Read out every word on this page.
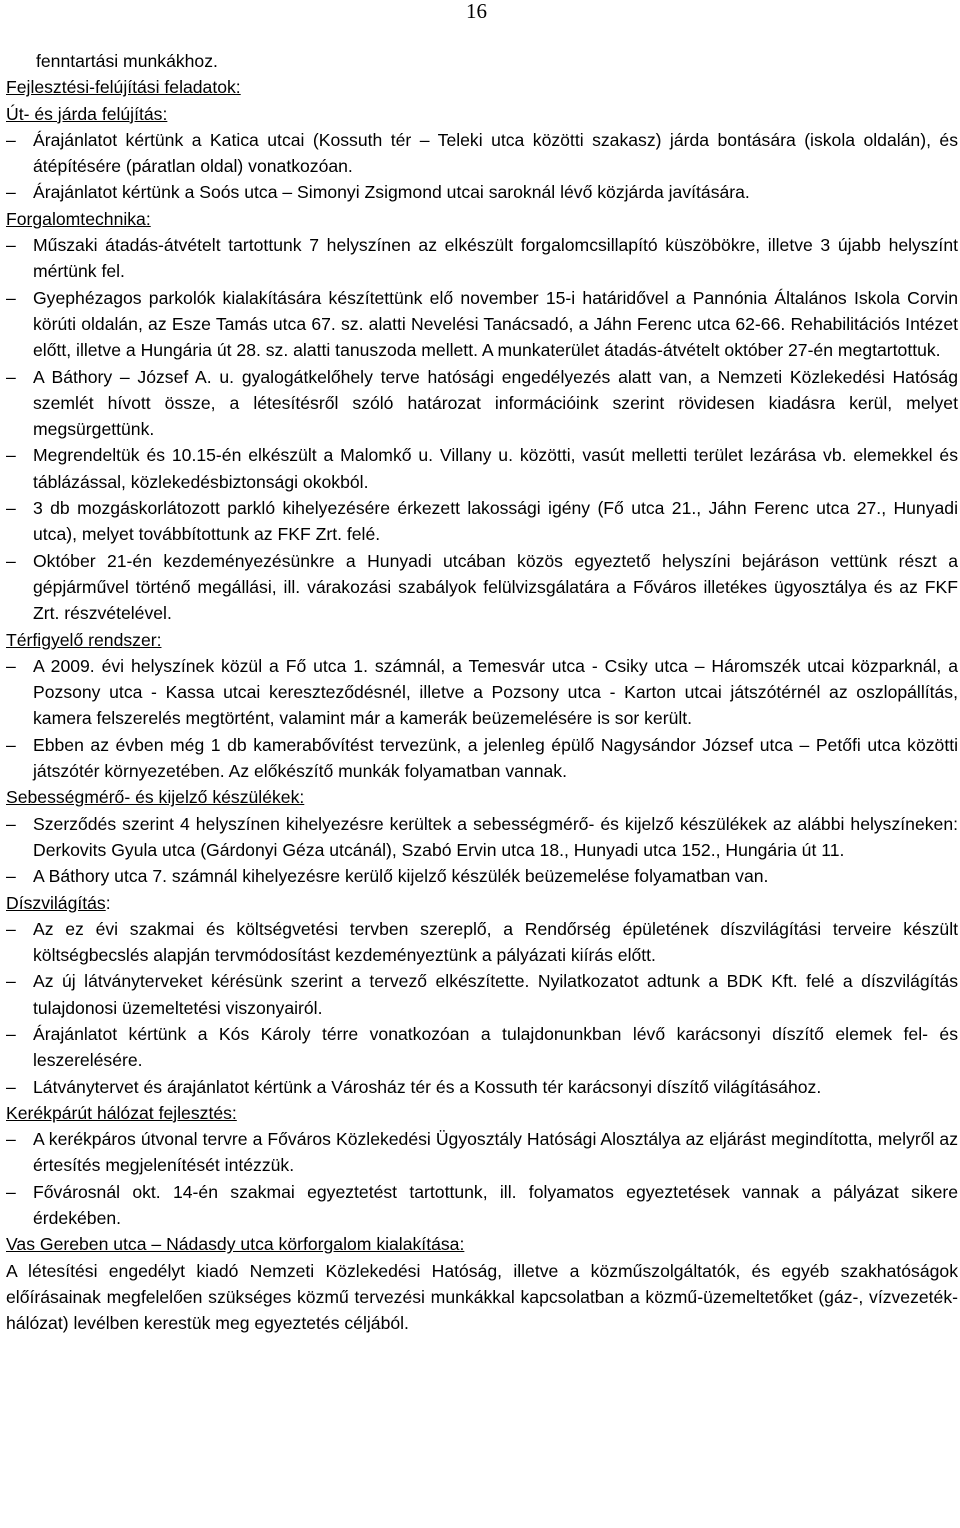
16

fenntartási munkákhoz.

Fejlesztési-felújítási feladatok:

Út- és járda felújítás:

– Árajánlatot kértünk a Katica utcai (Kossuth tér – Teleki utca közötti szakasz) járda bontására (iskola oldalán), és átépítésére (páratlan oldal) vonatkozóan.
– Árajánlatot kértünk a Soós utca – Simonyi Zsigmond utcai saroknál lévő közjárda javítására.

Forgalomtechnika:

– Műszaki átadás-átvételt tartottunk 7 helyszínen az elkészült forgalomcsillapító küszöbökre, illetve 3 újabb helyszínt mértünk fel.
– Gyephézagos parkolók kialakítására készítettünk elő november 15-i határidővel a Pannónia Általános Iskola Corvin körúti oldalán, az Esze Tamás utca 67. sz. alatti Nevelési Tanácsadó, a Jáhn Ferenc utca 62-66. Rehabilitációs Intézet előtt, illetve a Hungária út 28. sz. alatti tanuszoda mellett. A munkaterület átadás-átvételt október 27-én megtartottuk.
– A Báthory – József A. u. gyalogátkelőhely terve hatósági engedélyezés alatt van, a Nemzeti Közlekedési Hatóság szemlét hívott össze, a létesítésről szóló határozat információink szerint rövidesen kiadásra kerül, melyet megsürgettünk.
– Megrendeltük és 10.15-én elkészült a Malomkő u. Villany u. közötti, vasút melletti terület lezárása vb. elemekkel és táblázással, közlekedésbiztonsági okokból.
– 3 db mozgáskorlátozott parkló kihelyezésére érkezett lakossági igény (Fő utca 21., Jáhn Ferenc utca 27., Hunyadi utca), melyet továbbítottunk az FKF Zrt. felé.
– Október 21-én kezdeményezésünkre a Hunyadi utcában közös egyeztető helyszíni bejáráson vettünk részt a gépjárművel történő megállási, ill. várakozási szabályok felülvizsgálatára a Főváros illetékes ügyosztálya és az FKF Zrt. részvételével.

Térfigyelő rendszer:

– A 2009. évi helyszínek közül a Fő utca 1. számnál, a Temesvár utca - Csiky utca – Háromszék utcai közparknál, a Pozsony utca - Kassa utcai kereszteződésnél, illetve a Pozsony utca - Karton utcai játszótérnél az oszlopállítás, kamera felszerelés megtörtént, valamint már a kamerák beüzemelésére is sor került.
– Ebben az évben még 1 db kamerabővítést tervezünk, a jelenleg épülő Nagysándor József utca – Petőfi utca közötti játszótér környezetében. Az előkészítő munkák folyamatban vannak.

Sebességmérő- és kijelző készülékek:

– Szerződés szerint 4 helyszínen kihelyezésre kerültek a sebességmérő- és kijelző készülékek az alábbi helyszíneken: Derkovits Gyula utca (Gárdonyi Géza utcánál), Szabó Ervin utca 18., Hunyadi utca 152., Hungária út 11.
– A Báthory utca 7. számnál kihelyezésre kerülő kijelző készülék beüzemelése folyamatban van.

Díszvilágítás:

– Az ez évi szakmai és költségvetési tervben szereplő, a Rendőrség épületének díszvilágítási terveire készült költségbecslés alapján tervmódosítást kezdeményeztünk a pályázati kiírás előtt.
– Az új látványterveket kérésünk szerint a tervező elkészítette. Nyilatkozatot adtunk a BDK Kft. felé a díszvilágítás tulajdonosi üzemeltetési viszonyairól.
– Árajánlatot kértünk a Kós Károly térre vonatkozóan a tulajdonunkban lévő karácsonyi díszítő elemek fel- és leszerelésére.
– Látványtervet és árajánlatot kértünk a Városház tér és a Kossuth tér karácsonyi díszítő világításához.

Kerékpárút hálózat fejlesztés:

– A kerékpáros útvonal tervre a Főváros Közlekedési Ügyosztály Hatósági Alosztálya az eljárást megindította, melyről az értesítés megjelenítését intézzük.
– Fővárosnál okt. 14-én szakmai egyeztetést tartottunk, ill. folyamatos egyeztetések vannak a pályázat sikere érdekében.

Vas Gereben utca – Nádasdy utca körforgalom kialakítása:

A létesítési engedélyt kiadó Nemzeti Közlekedési Hatóság, illetve a közműszolgáltatók, és egyéb szakhatóságok előírásainak megfelelően szükséges közmű tervezési munkákkal kapcsolatban a közmű-üzemeltetőket (gáz-, vízvezeték-hálózat) levélben kerestük meg egyeztetés céljából.
